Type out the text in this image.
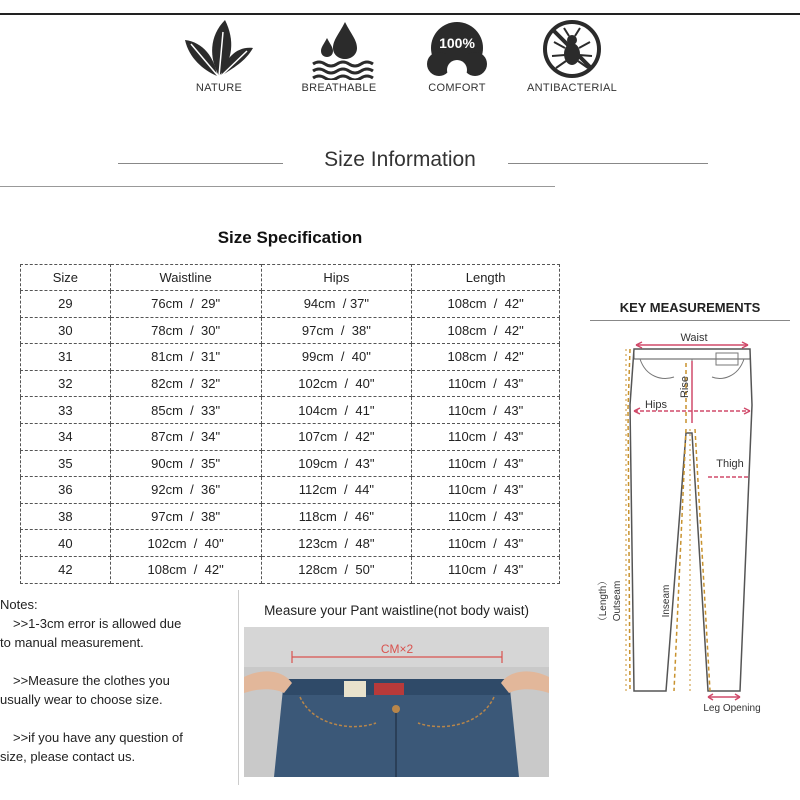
NATURE	BREATHABLE
100%
COMFORT	ANTIBACTERIAL
Size Information
Size Specification
Size	Waistline	Hips	Length
29	76cm  /  29"	94cm  / 37"	108cm  /  42"
30	78cm  /  30"	97cm  /  38"	108cm  /  42"
31	81cm  /  31"	99cm  /  40"	108cm  /  42"
32	82cm  /  32"	102cm  /  40"	110cm  /  43"
33	85cm  /  33"	104cm  /  41"	110cm  /  43"
34	87cm  /  34"	107cm  /  42"	110cm  /  43"
35	90cm  /  35"	109cm  /  43"	110cm  /  43"
36	92cm  /  36"	112cm  /  44"	110cm  /  43"
38	97cm  /  38"	118cm  /  46"	110cm  /  43"
40	102cm  /  40"	123cm  /  48"	110cm  /  43"
42	108cm  /  42"	128cm  /  50"	110cm  /  43"
KEY MEASUREMENTS
Waist
Rise
Hips
Thigh
（Length） Outseam	Inseam
Leg Opening

Notes:

　>>1-3cm error is allowed due

to manual measurement.

　>>Measure the clothes you

usually wear to choose size.

　>>if you have any question of

size, please contact us.

Measure your Pant waistline(not body waist)
CM×2
